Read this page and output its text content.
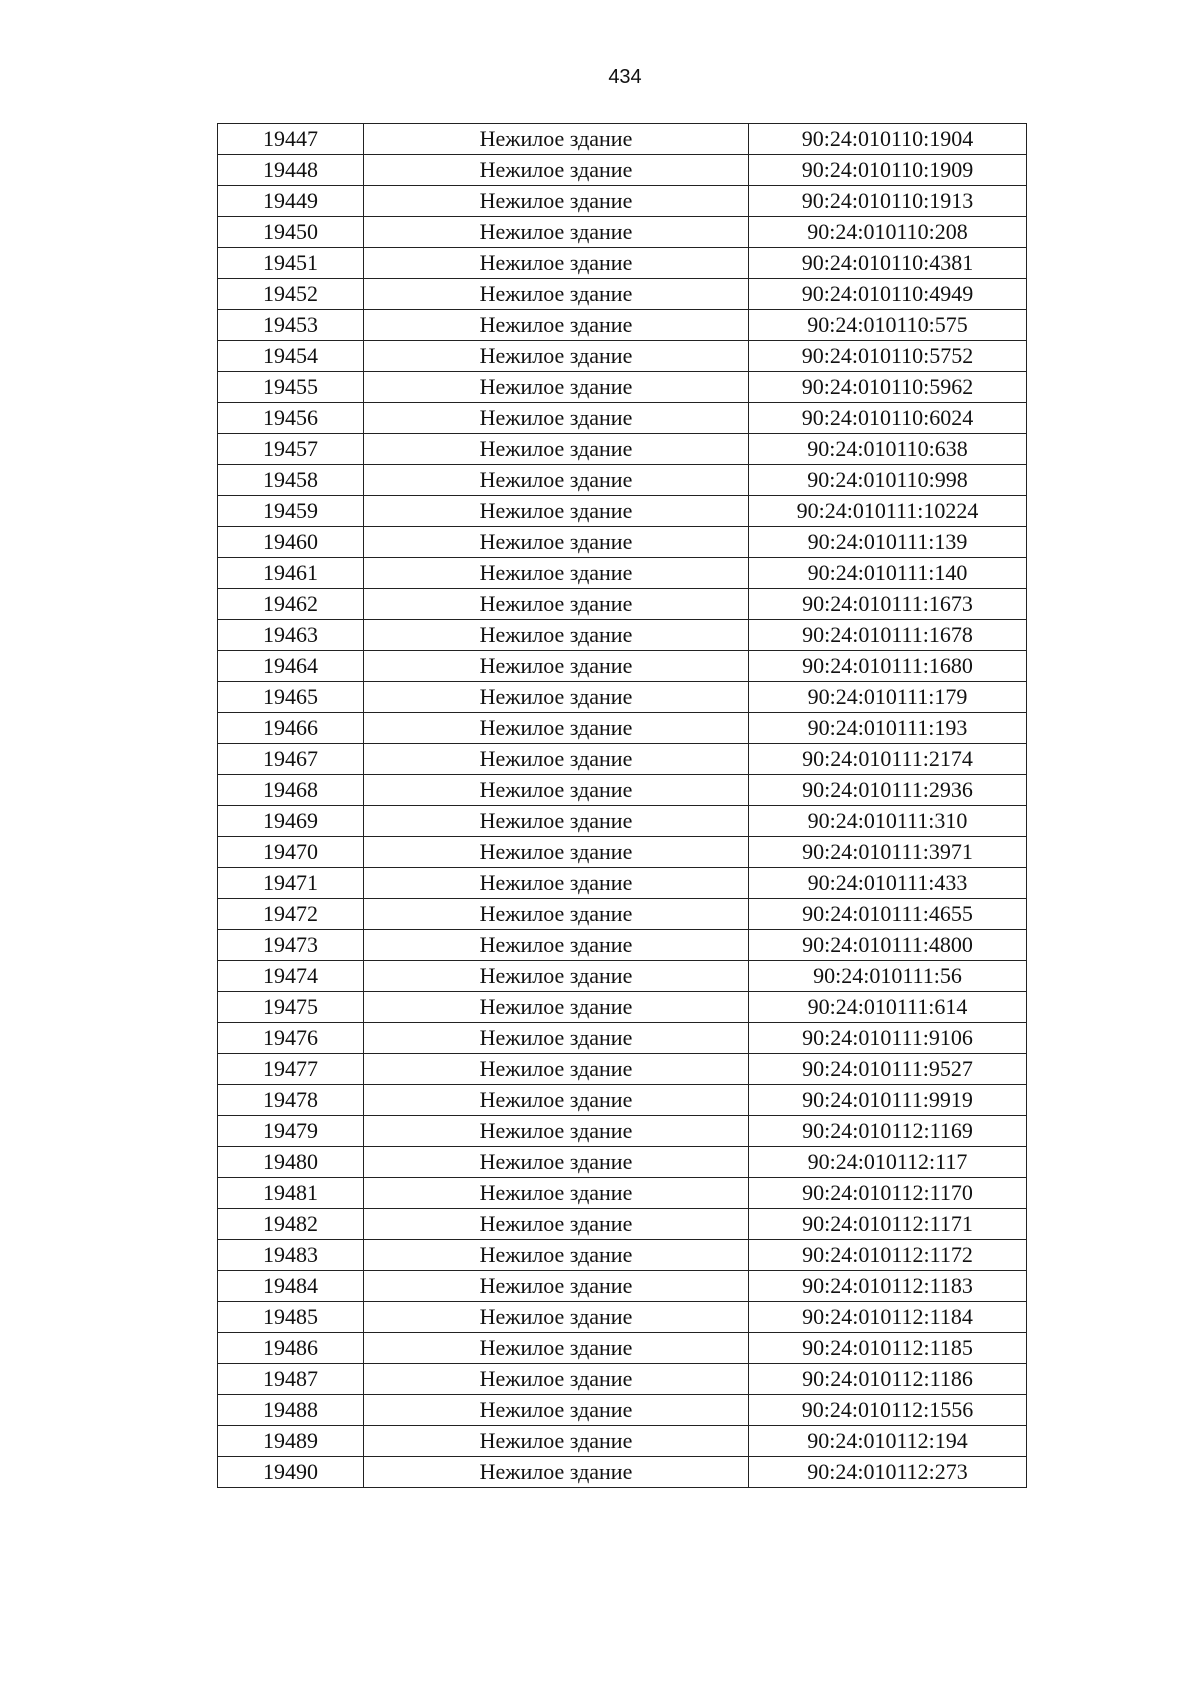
434
19447	Нежилое здание	90:24:010110:1904
19448	Нежилое здание	90:24:010110:1909
19449	Нежилое здание	90:24:010110:1913
19450	Нежилое здание	90:24:010110:208
19451	Нежилое здание	90:24:010110:4381
19452	Нежилое здание	90:24:010110:4949
19453	Нежилое здание	90:24:010110:575
19454	Нежилое здание	90:24:010110:5752
19455	Нежилое здание	90:24:010110:5962
19456	Нежилое здание	90:24:010110:6024
19457	Нежилое здание	90:24:010110:638
19458	Нежилое здание	90:24:010110:998
19459	Нежилое здание	90:24:010111:10224
19460	Нежилое здание	90:24:010111:139
19461	Нежилое здание	90:24:010111:140
19462	Нежилое здание	90:24:010111:1673
19463	Нежилое здание	90:24:010111:1678
19464	Нежилое здание	90:24:010111:1680
19465	Нежилое здание	90:24:010111:179
19466	Нежилое здание	90:24:010111:193
19467	Нежилое здание	90:24:010111:2174
19468	Нежилое здание	90:24:010111:2936
19469	Нежилое здание	90:24:010111:310
19470	Нежилое здание	90:24:010111:3971
19471	Нежилое здание	90:24:010111:433
19472	Нежилое здание	90:24:010111:4655
19473	Нежилое здание	90:24:010111:4800
19474	Нежилое здание	90:24:010111:56
19475	Нежилое здание	90:24:010111:614
19476	Нежилое здание	90:24:010111:9106
19477	Нежилое здание	90:24:010111:9527
19478	Нежилое здание	90:24:010111:9919
19479	Нежилое здание	90:24:010112:1169
19480	Нежилое здание	90:24:010112:117
19481	Нежилое здание	90:24:010112:1170
19482	Нежилое здание	90:24:010112:1171
19483	Нежилое здание	90:24:010112:1172
19484	Нежилое здание	90:24:010112:1183
19485	Нежилое здание	90:24:010112:1184
19486	Нежилое здание	90:24:010112:1185
19487	Нежилое здание	90:24:010112:1186
19488	Нежилое здание	90:24:010112:1556
19489	Нежилое здание	90:24:010112:194
19490	Нежилое здание	90:24:010112:273
